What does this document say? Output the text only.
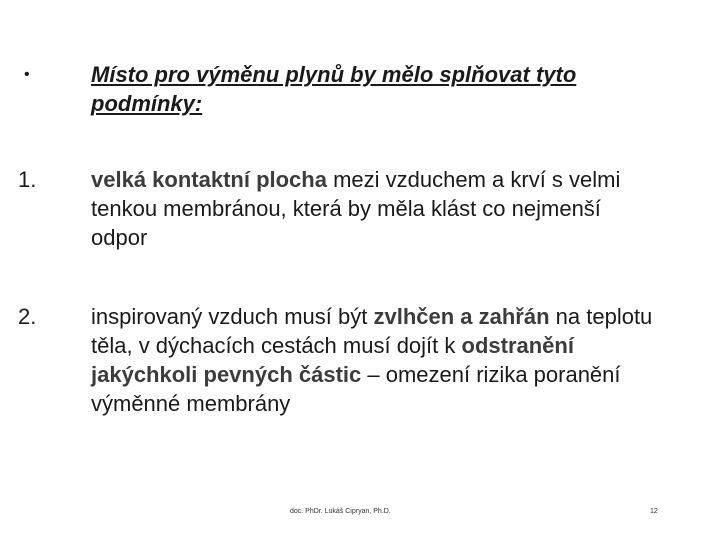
•	Místo pro výměnu plynů by mělo splňovat tyto podmínky:
1. velká kontaktní plocha mezi vzduchem a krví s velmi tenkou membránou, která by měla klást co nejmenší odpor
2. inspirovaný vzduch musí být zvlhčen a zahřán na teplotu těla, v dýchacích cestách musí dojít k odstranění jakýchkoli pevných částic – omezení rizika poranění výměnné membrány
doc. PhDr. Lukáš Cipryan, Ph.D.	12
